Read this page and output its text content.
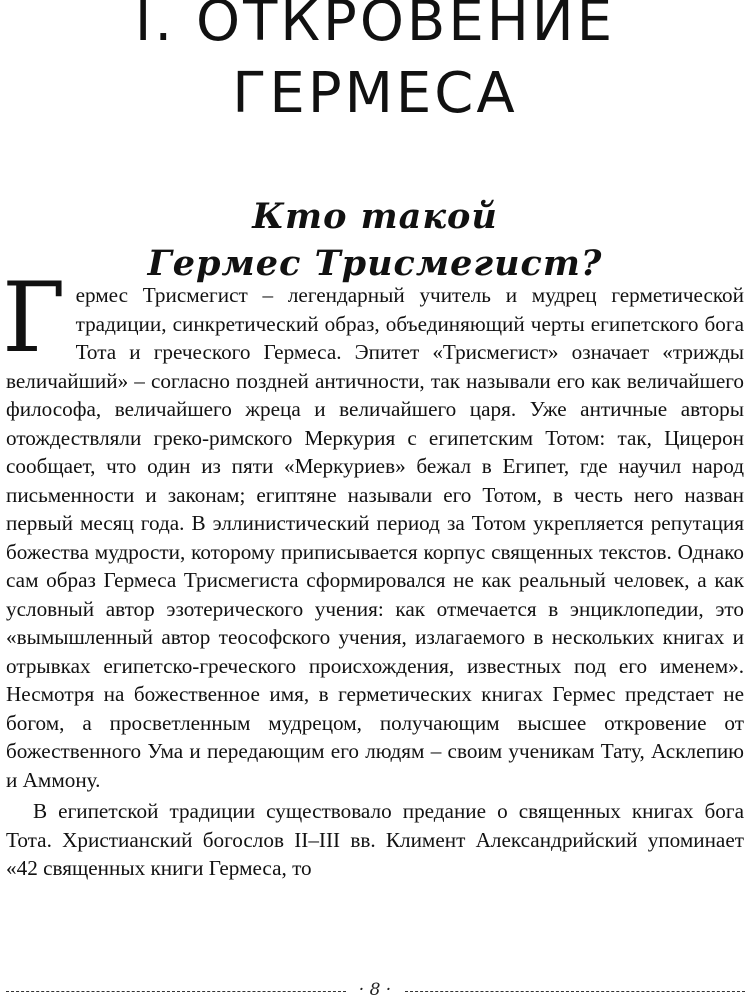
I. ОТКРОВЕНИЕ
ГЕРМЕСА
Кто такой
Гермес Трисмегист?

Гермес Трисмегист – легендарный учитель и мудрец герметической традиции, синкретический образ, объединяющий черты египетского бога Тота и греческого Гермеса. Эпитет «Трисмегист» означает «трижды величайший» – согласно поздней античности, так называли его как величайшего философа, величайшего жреца и величайшего царя. Уже античные авторы отождествляли греко-римского Меркурия с египетским Тотом: так, Цицерон сообщает, что один из пяти «Меркуриев» бежал в Египет, где научил народ письменности и законам; египтяне называли его Тотом, в честь него назван первый месяц года. В эллинистический период за Тотом укрепляется репутация божества мудрости, которому приписывается корпус священных текстов. Однако сам образ Гермеса Трисмегиста сформировался не как реальный человек, а как условный автор эзотерического учения: как отмечается в энциклопедии, это «вымышленный автор теософского учения, излагаемого в нескольких книгах и отрывках египетско-греческого происхождения, известных под его именем». Несмотря на божественное имя, в герметических книгах Гермес предстает не богом, а просветленным мудрецом, получающим высшее откровение от божественного Ума и передающим его людям – своим ученикам Тату, Асклепию и Аммону.

В египетской традиции существовало предание о священных книгах бога Тота. Христианский богослов II–III вв. Климент Александрийский упоминает «42 священных книги Гермеса, то

· 8 ·
